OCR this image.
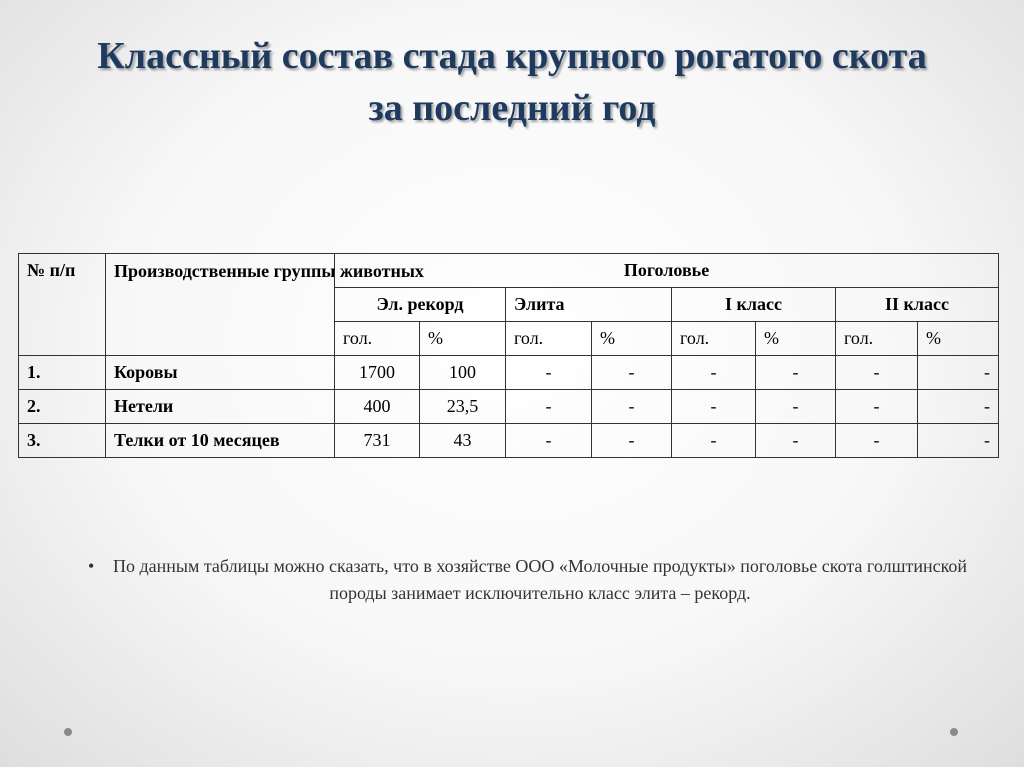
Классный состав стада крупного рогатого скота
за последний год
№ п/п	Производственные группы животных	Поголовье							
		Эл. рекорд		Элита		I класс		II класс	
		гол.	%	гол.	%	гол.	%	гол.	%
1.	Коровы	1700	100	-	-	-	-	-	-
2.	Нетели	400	23,5	-	-	-	-	-	-
3.	Телки от 10 месяцев	731	43	-	-	-	-	-	-
• По данным таблицы можно сказать, что в хозяйстве ООО «Молочные продукты» поголовье скота голштинской породы занимает исключительно класс элита – рекорд.
